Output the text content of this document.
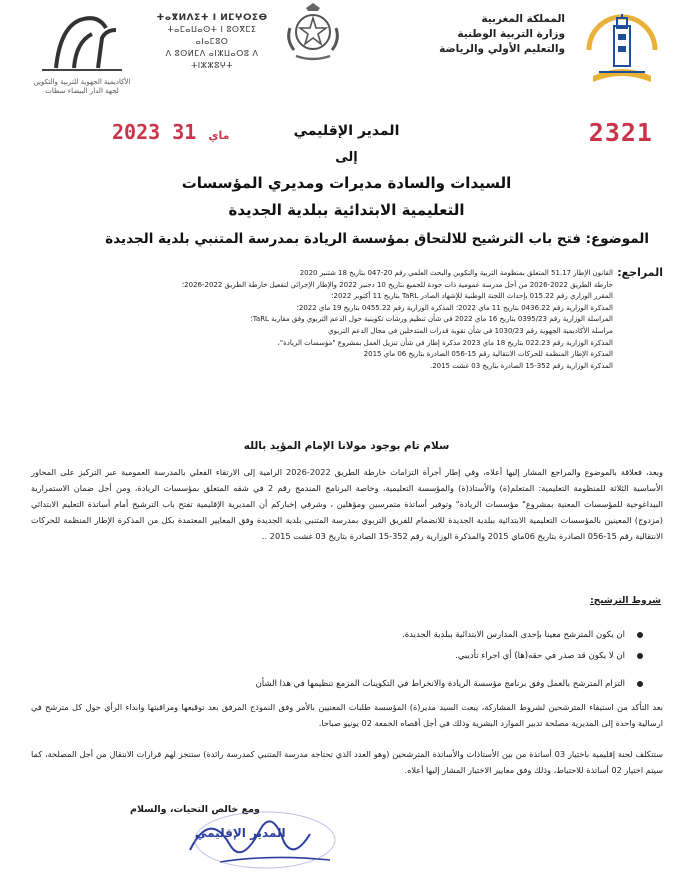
الأكاديمية الجهوية للتربية والتكوين
لجهة الدار البيضاء سطات
ⵜⴰⴳⵍⴷⵉⵜ ⵏ ⵍⵎⵖⵔⵉⴱ
ⵜⴰⵎⴰⵡⴰⵙⵜ ⵏ ⵓⵙⴳⵎⵉ ⴰⵏⴰⵎⵓⵔ
ⴷ ⵓⵙⵍⵎⴷ ⴰⵏⵣⵡⴰⵔⵓ ⴷ ⵜⵏⵣⵣⵓⵖⵜ
المملكة المغربية
وزارة التربية الوطنية
والتعليم الأولي والرياضة
2023	ماي 31	2321
المدير الإقليمي
إلى
السيدات والسادة مديرات ومديري المؤسسات
التعليمية الابتدائية ببلدية الجديدة
الموضوع: فتح باب الترشيح للالتحاق بمؤسسة الريادة بمدرسة المتنبي بلدية الجديدة
المراجع:
القانون الإطار 51.17 المتعلق بمنظومة التربية والتكوين والبحث العلمي رقم 20-047 بتاريخ 18 شتنبر 2020
خارطة الطريق 2022-2026 من أجل مدرسة عمومية ذات جودة للجميع بتاريخ 10 دجنبر 2022 والإطار الإجرائي لتفعيل خارطة الطريق 2022-2026؛
المقرر الوزاري رقم 015.22 بإحداث اللجنة الوطنية للإشهاد الصادر TaRL بتاريخ 11 أكتوبر 2022؛
المذكرة الوزارية رقم 0436.22 بتاريخ 11 ماي 2022؛ المذكرة الوزارية رقم 0455.22 بتاريخ 19 ماي 2022؛
المراسلة الوزارية رقم 0395/23 بتاريخ 16 ماي 2022 في شأن تنظيم ورشات تكوينية حول الدعم التربوي وفق مقاربة TaRL؛
مراسلة الأكاديمية الجهوية رقم 1030/23 في شأن تقوية قدرات المتدخلين في مجال الدعم التربوي
المذكرة الوزارية رقم 022.23 بتاريخ 18 ماي 2023 مذكرة إطار في شأن تنزيل العمل بمشروع "مؤسسات الريادة"،
المذكرة الإطار المنظمة للحركات الانتقالية رقم 15-056 الصادرة بتاريخ 06 ماي 2015
المذكرة الوزارية رقم 352-15 الصادرة بتاريخ 03 غشت 2015.
سلام تام بوجود مولانا الإمام المؤيد بالله

وبعد، فعلاقة بالموضوع والمراجع المشار إليها أعلاه، وفي إطار أجرأة التزامات خارطة الطريق 2022-2026 الرامية إلى الارتقاء الفعلي بالمدرسة العمومية عبر التركيز على المحاور الأساسية الثلاثة للمنظومة التعليمية: المتعلم(ة) والأستاذ(ة) والمؤسسة التعليمية، وخاصة البرنامج المندمج رقم 2 في شقه المتعلق بمؤسسات الريادة، ومن أجل ضمان الاستمرارية البيداغوجية للمؤسسات المعنية بمشروع" مؤسسات الريادة" وتوفير أساتذة متمرسين ومؤهلين ، وشرفي إخباركم أن المديرية الإقليمية تفتح باب الترشيح أمام أساتذة التعليم الابتدائي (مزدوج) المعينين بالمؤسسات التعليمية الابتدائية ببلدية الجديدة للانضمام للفريق التربوي بمدرسة المتنبي بلدية الجديدة وفق المعايير المعتمدة بكل من المذكرة الإطار المنظمة للحركات الانتقالية رقم 15-056 الصادرة بتاريخ 06ماي 2015 والمذكرة الوزارية رقم 352-15 الصادرة بتاريخ 03 غشت 2015 ..

شروط الترشيح:
ان يكون المترشح معينا بإحدى المدارس الابتدائية ببلدية الجديدة.
ان لا يكون قد صدر في حقه(ها) أي اجراء تأديبي.
التزام المترشح بالعمل وفق برنامج مؤسسة الريادة والانخراط في التكوينات المزمع تنظيمها في هذا الشأن

بعد التأكد من استيفاء المترشحين لشروط المشاركة، يبعث السيد مدير(ة) المؤسسة طلبات المعنيين بالأمر وفق النموذج المرفق بعد توقيعها ومراقبتها وابداء الرأي حول كل مترشح في ارسالية واحدة إلى المديرية مصلحة تدبير الموارد البشرية وذلك في أجل أقصاه الجمعة 02 يونيو صباحا.

ستتكلف لجنة إقليمية باختيار 03 أساتذة من بين الأستاذات والأساتذة المترشحين (وهو العدد الذي تحتاجه مدرسة المتنبي كمدرسة رائدة) ستنجز لهم قرارات الانتقال من أجل المصلحة، كما سيتم اختيار 02 أساتذة للاحتياط، وذلك وفق معايير الاختيار المشار إليها أعلاه.

ومع خالص التحيات، والسلام
المدير الإقليمي
